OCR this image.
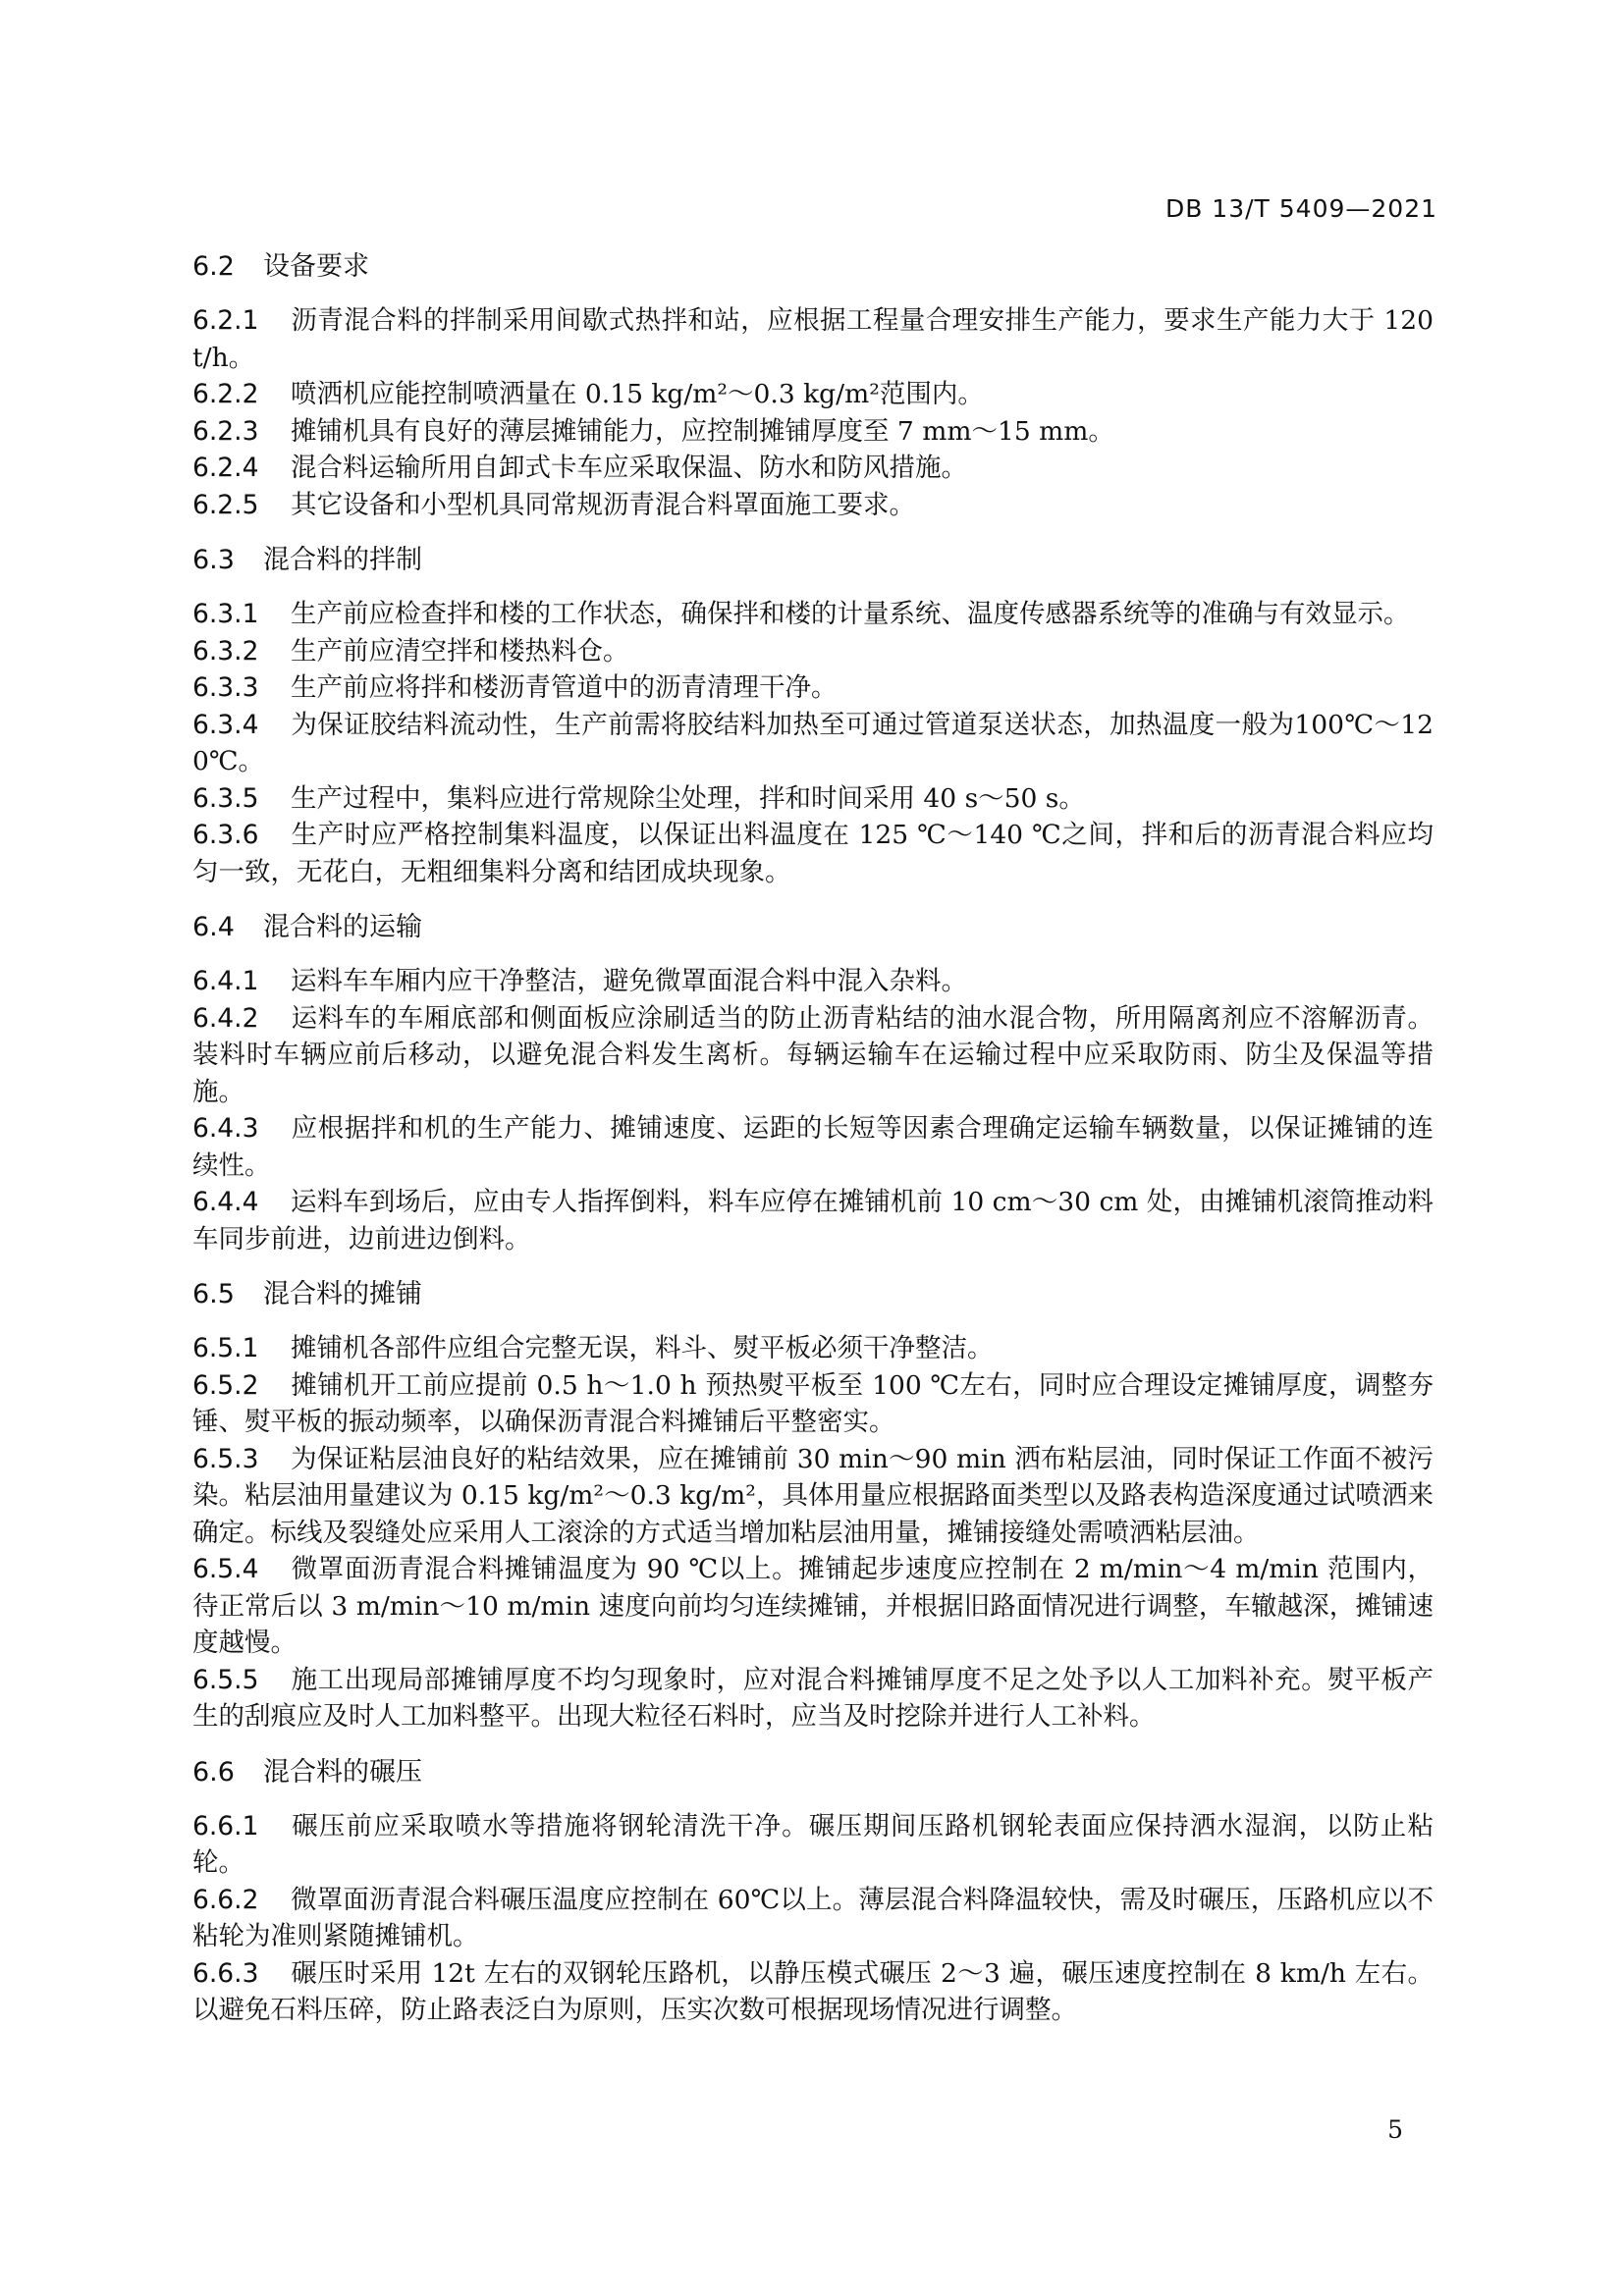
DB 13/T 5409—2021
6.2 设备要求

6.2.1 沥青混合料的拌制采用间歇式热拌和站，应根据工程量合理安排生产能力，要求生产能力大于 120 t/h。

6.2.2 喷洒机应能控制喷洒量在 0.15 kg/m²～0.3 kg/m²范围内。

6.2.3 摊铺机具有良好的薄层摊铺能力，应控制摊铺厚度至 7 mm～15 mm。

6.2.4 混合料运输所用自卸式卡车应采取保温、防水和防风措施。

6.2.5 其它设备和小型机具同常规沥青混合料罩面施工要求。

6.3 混合料的拌制

6.3.1 生产前应检查拌和楼的工作状态，确保拌和楼的计量系统、温度传感器系统等的准确与有效显示。

6.3.2 生产前应清空拌和楼热料仓。

6.3.3 生产前应将拌和楼沥青管道中的沥青清理干净。

6.3.4 为保证胶结料流动性，生产前需将胶结料加热至可通过管道泵送状态，加热温度一般为100℃～120℃。

6.3.5 生产过程中，集料应进行常规除尘处理，拌和时间采用 40 s～50 s。

6.3.6 生产时应严格控制集料温度，以保证出料温度在 125 ℃～140 ℃之间，拌和后的沥青混合料应均匀一致，无花白，无粗细集料分离和结团成块现象。

6.4 混合料的运输

6.4.1 运料车车厢内应干净整洁，避免微罩面混合料中混入杂料。

6.4.2 运料车的车厢底部和侧面板应涂刷适当的防止沥青粘结的油水混合物，所用隔离剂应不溶解沥青。装料时车辆应前后移动，以避免混合料发生离析。每辆运输车在运输过程中应采取防雨、防尘及保温等措施。

6.4.3 应根据拌和机的生产能力、摊铺速度、运距的长短等因素合理确定运输车辆数量，以保证摊铺的连续性。

6.4.4 运料车到场后，应由专人指挥倒料，料车应停在摊铺机前 10 cm～30 cm 处，由摊铺机滚筒推动料车同步前进，边前进边倒料。

6.5 混合料的摊铺

6.5.1 摊铺机各部件应组合完整无误，料斗、熨平板必须干净整洁。

6.5.2 摊铺机开工前应提前 0.5 h～1.0 h 预热熨平板至 100 ℃左右，同时应合理设定摊铺厚度，调整夯锤、熨平板的振动频率，以确保沥青混合料摊铺后平整密实。

6.5.3 为保证粘层油良好的粘结效果，应在摊铺前 30 min～90 min 洒布粘层油，同时保证工作面不被污染。粘层油用量建议为 0.15 kg/m²～0.3 kg/m²，具体用量应根据路面类型以及路表构造深度通过试喷洒来确定。标线及裂缝处应采用人工滚涂的方式适当增加粘层油用量，摊铺接缝处需喷洒粘层油。

6.5.4 微罩面沥青混合料摊铺温度为 90 ℃以上。摊铺起步速度应控制在 2 m/min～4 m/min 范围内，待正常后以 3 m/min～10 m/min 速度向前均匀连续摊铺，并根据旧路面情况进行调整，车辙越深，摊铺速度越慢。

6.5.5 施工出现局部摊铺厚度不均匀现象时，应对混合料摊铺厚度不足之处予以人工加料补充。熨平板产生的刮痕应及时人工加料整平。出现大粒径石料时，应当及时挖除并进行人工补料。

6.6 混合料的碾压

6.6.1 碾压前应采取喷水等措施将钢轮清洗干净。碾压期间压路机钢轮表面应保持洒水湿润，以防止粘轮。

6.6.2 微罩面沥青混合料碾压温度应控制在 60℃以上。薄层混合料降温较快，需及时碾压，压路机应以不粘轮为准则紧随摊铺机。

6.6.3 碾压时采用 12t 左右的双钢轮压路机，以静压模式碾压 2～3 遍，碾压速度控制在 8 km/h 左右。以避免石料压碎，防止路表泛白为原则，压实次数可根据现场情况进行调整。

5
